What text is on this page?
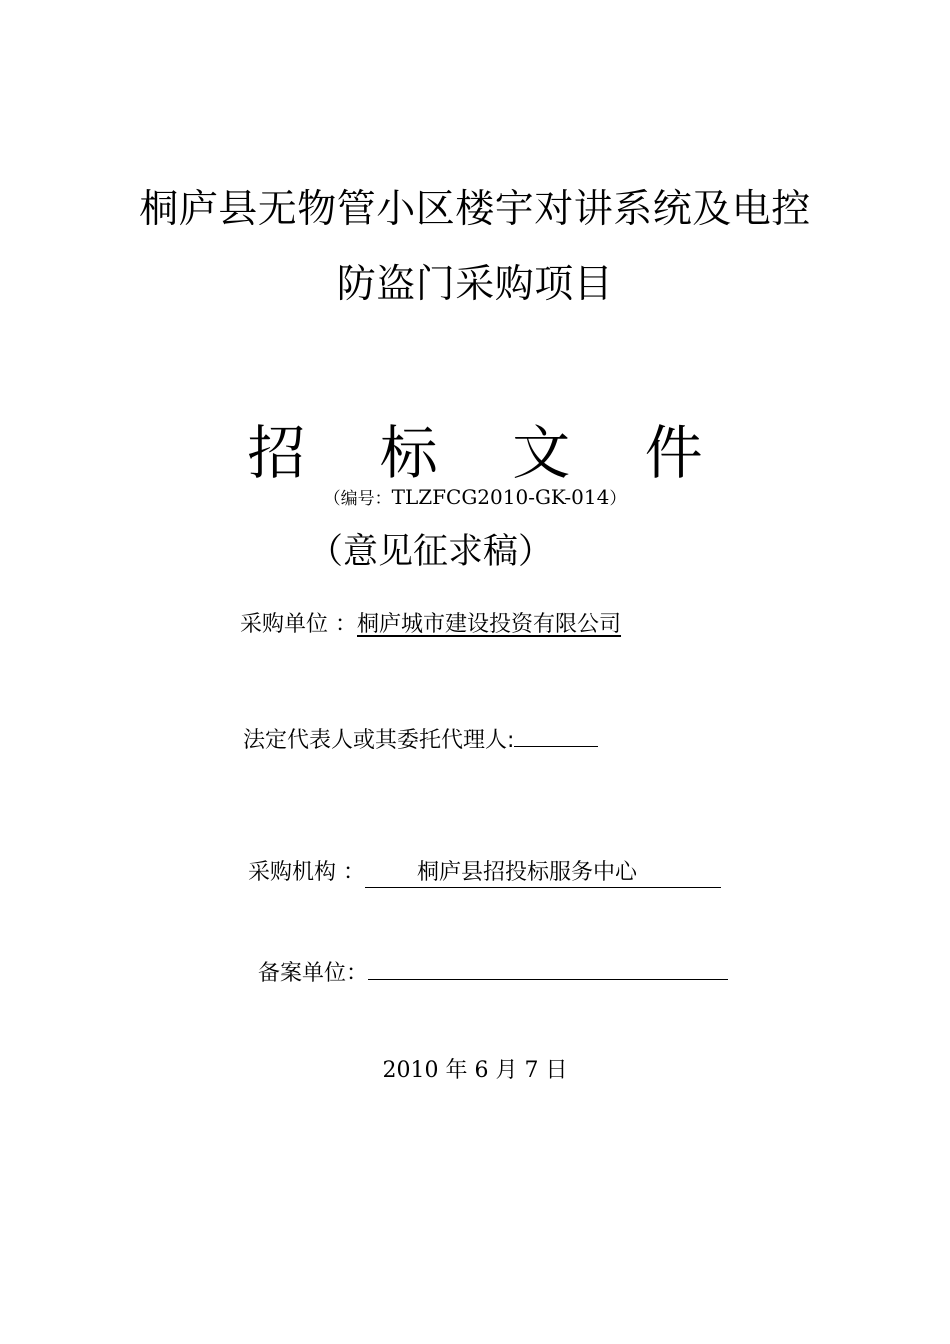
桐庐县无物管小区楼宇对讲系统及电控
防盗门采购项目
招 标 文 件
（编号：TLZFCG2010-GK-014）
（意见征求稿）
采购单位 ：桐庐城市建设投资有限公司
法定代表人或其委托代理人:
采购机构 ： 桐庐县招投标服务中心
备案单位：
2010 年 6 月 7 日
